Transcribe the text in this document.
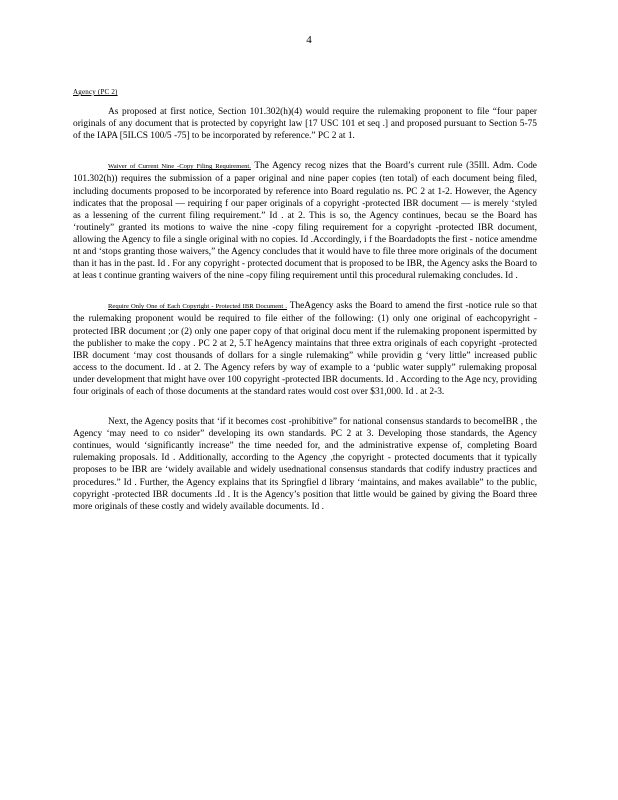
4
Agency (PC 2)

As proposed at first notice, Section 101.302(h)(4) would require the rulemaking proponent to file “four paper originals of any document that is protected by copyright law [17 USC 101 et seq .] and proposed pursuant to Section 5-75 of the IAPA [5ILCS 100/5 -75] to be incorporated by reference.” PC 2 at 1.

Waiver of Current Nine -Copy Filing Requirement. The Agency recog nizes that the Board’s current rule (35Ill. Adm. Code 101.302(h)) requires the submission of a paper original and nine paper copies (ten total) of each document being filed, including documents proposed to be incorporated by reference into Board regulatio ns. PC 2 at 1-2. However, the Agency indicates that the proposal — requiring f our paper originals of a copyright -protected IBR document — is merely ‘styled as a lessening of the current filing requirement.” Id . at 2. This is so, the Agency continues, becau se the Board has ‘routinely” granted its motions to waive the nine -copy filing requirement for a copyright -protected IBR document, allowing the Agency to file a single original with no copies. Id .Accordingly, i f the Boardadopts the first - notice amendme nt and ‘stops granting those waivers,” the Agency concludes that it would have to file three more originals of the document than it has in the past. Id . For any copyright - protected document that is proposed to be IBR, the Agency asks the Board to at leas t continue granting waivers of the nine -copy filing requirement until this procedural rulemaking concludes. Id .

Require Only One of Each Copyright - Protected IBR Document . TheAgency asks the Board to amend the first -notice rule so that the rulemaking proponent would be required to file either of the following: (1) only one original of eachcopyright - protected IBR document ;or (2) only one paper copy of that original docu ment if the rulemaking proponent ispermitted by the publisher to make the copy . PC 2 at 2, 5.T heAgency maintains that three extra originals of each copyright -protected IBR document ‘may cost thousands of dollars for a single rulemaking” while providin g ‘very little” increased public access to the document. Id . at 2. The Agency refers by way of example to a ‘public water supply” rulemaking proposal under development that might have over 100 copyright -protected IBR documents. Id . According to the Age ncy, providing four originals of each of those documents at the standard rates would cost over $31,000. Id . at 2-3.

Next, the Agency posits that ‘if it becomes cost -prohibitive” for national consensus standards to becomeIBR , the Agency ‘may need to co nsider” developing its own standards. PC 2 at 3. Developing those standards, the Agency continues, would ‘significantly increase” the time needed for, and the administrative expense of, completing Board rulemaking proposals. Id . Additionally, according to the Agency ,the copyright - protected documents that it typically proposes to be IBR are ‘widely available and widely usednational consensus standards that codify industry practices and procedures.” Id . Further, the Agency explains that its Springfiel d library ‘maintains, and makes available” to the public, copyright -protected IBR documents .Id . It is the Agency’s position that little would be gained by giving the Board three more originals of these costly and widely available documents. Id .
